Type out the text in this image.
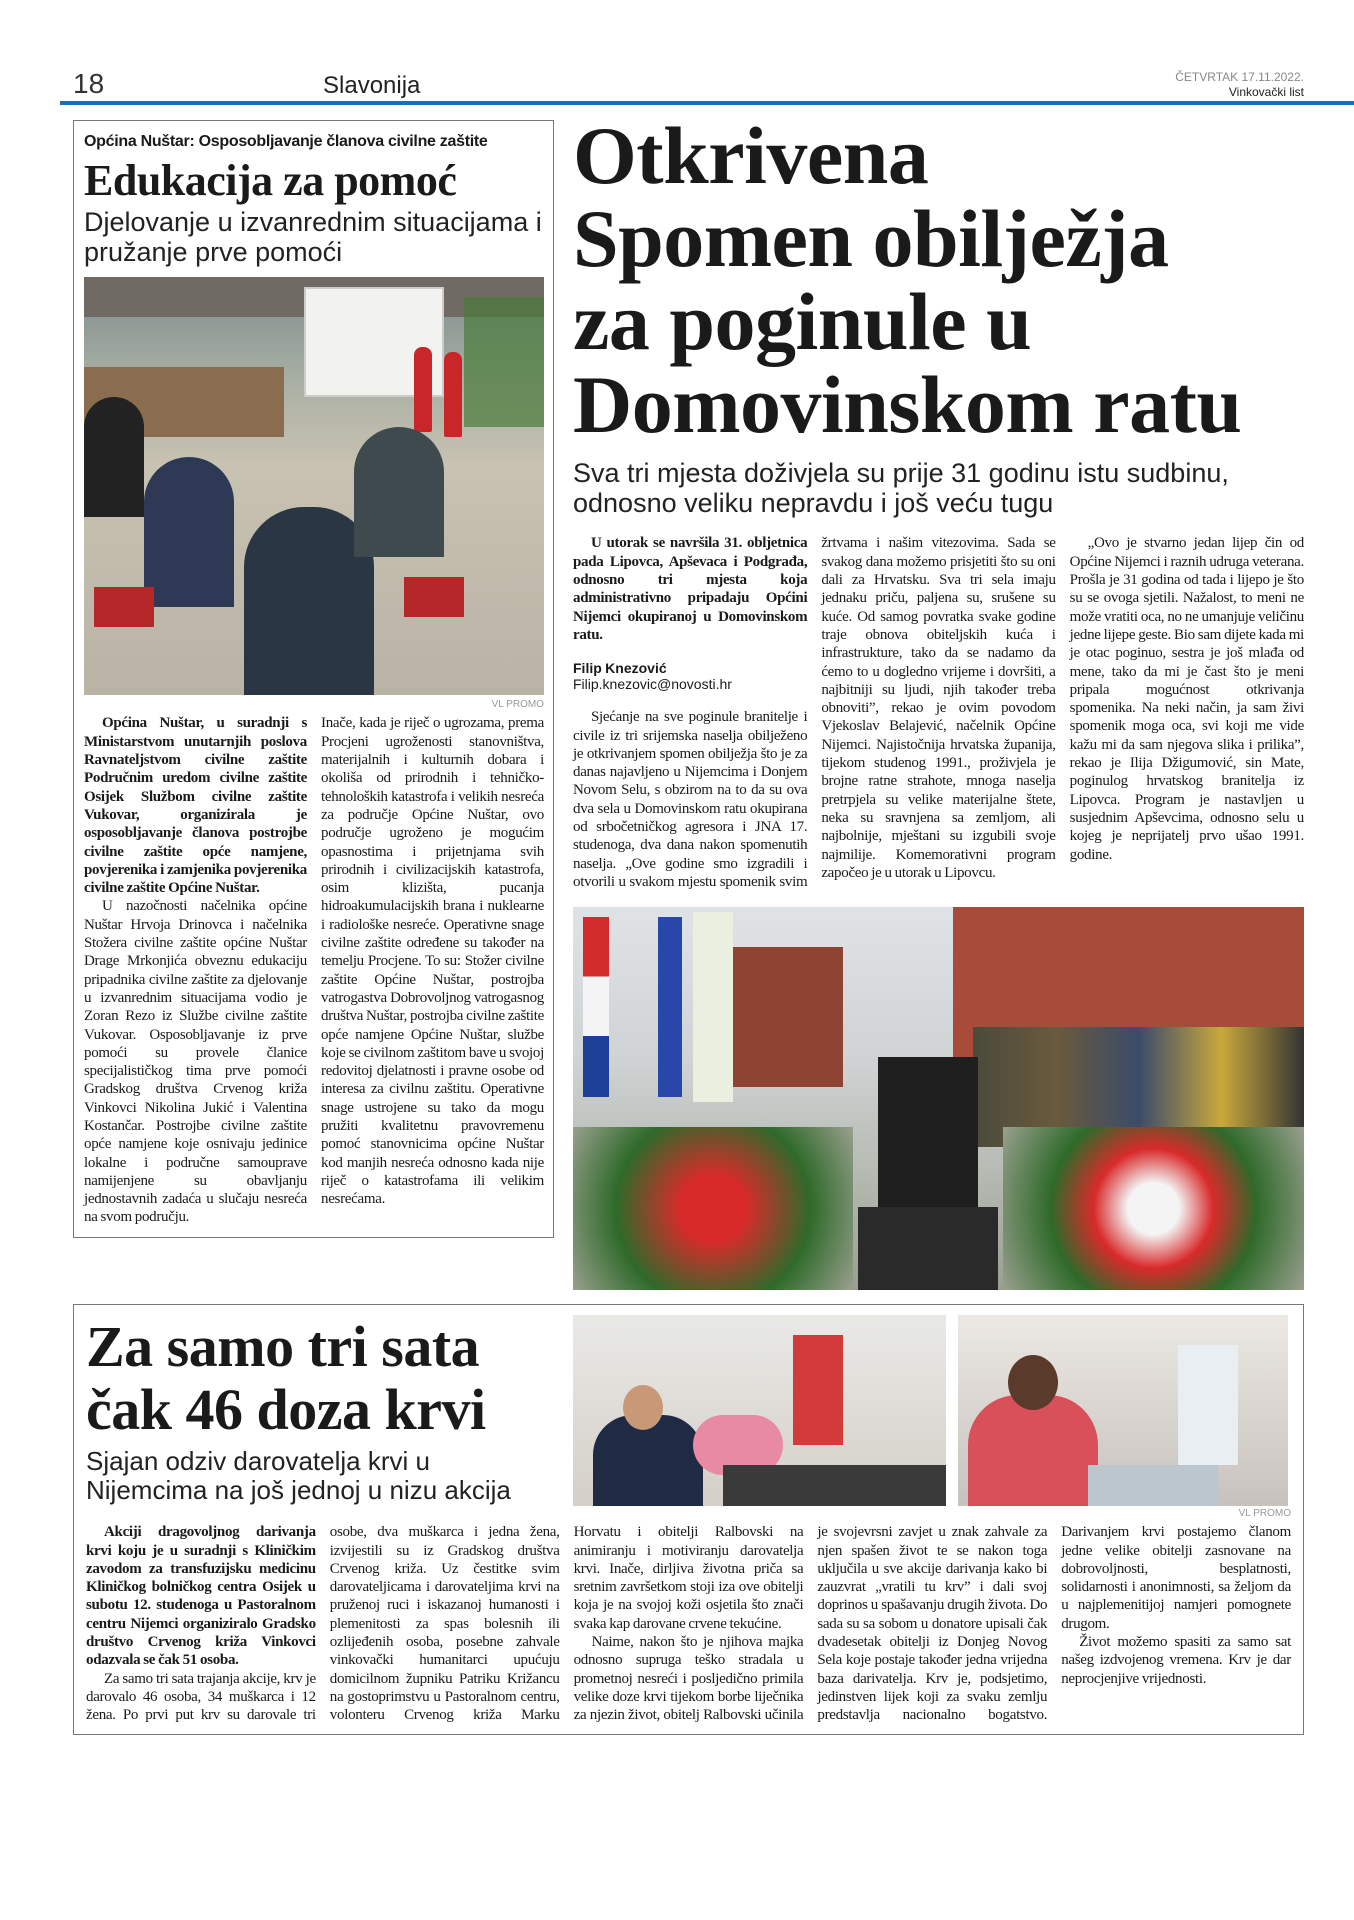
18	Slavonija	ČETVRTAK 17.11.2022.
Vinkovački list
Općina Nuštar: Osposobljavanje članova civilne zaštite
Edukacija za pomoć
Djelovanje u izvanrednim situacijama i pružanje prve pomoći
VL PROMO

Općina Nuštar, u suradnji s Ministarstvom unutarnjih poslova Ravnateljstvom civilne zaštite Područnim uredom civilne zaštite Osijek Službom civilne zaštite Vukovar, organizirala je osposobljavanje članova postrojbe civilne zaštite opće namjene, povjerenika i zamjenika povjerenika civilne zaštite Općine Nuštar.

U nazočnosti načelnika općine Nuštar Hrvoja Drinovca i načelnika Stožera civilne zaštite općine Nuštar Drage Mrkonjića obveznu edukaciju pripadnika civilne zaštite za djelovanje u izvanrednim situacijama vodio je Zoran Rezo iz Službe civilne zaštite Vukovar. Osposobljavanje iz prve pomoći su provele članice specijalističkog tima prve pomoći Gradskog društva Crvenog križa Vinkovci Nikolina Jukić i Valentina Kostančar. Postrojbe civilne zaštite opće namjene koje osnivaju jedinice lokalne i područne samouprave namijenjene su obavljanju jednostavnih zadaća u slučaju nesreća na svom području.

Inače, kada je riječ o ugrozama, prema Procjeni ugroženosti stanovništva, materijalnih i kulturnih dobara i okoliša od prirodnih i tehničko-tehnoloških katastrofa i velikih nesreća za područje Općine Nuštar, ovo područje ugroženo je mogućim opasnostima i prijetnjama svih prirodnih i civilizacijskih katastrofa, osim klizišta, pucanja hidroakumulacijskih brana i nuklearne i radiološke nesreće. Operativne snage civilne zaštite određene su također na temelju Procjene. To su: Stožer civilne zaštite Općine Nuštar, postrojba vatrogastva Dobrovoljnog vatrogasnog društva Nuštar, postrojba civilne zaštite opće namjene Općine Nuštar, službe koje se civilnom zaštitom bave u svojoj redovitoj djelatnosti i pravne osobe od interesa za civilnu zaštitu. Operativne snage ustrojene su tako da mogu pružiti kvalitetnu pravovremenu pomoć stanovnicima općine Nuštar kod manjih nesreća odnosno kada nije riječ o katastrofama ili velikim nesrećama.

Otkrivena
Spomen obilježja
za poginule u
Domovinskom ratu
Sva tri mjesta doživjela su prije 31 godinu istu sudbinu, odnosno veliku nepravdu i još veću tugu

U utorak se navršila 31. obljetnica pada Lipovca, Apševaca i Podgrađa, odnosno tri mjesta koja administrativno pripadaju Općini Nijemci okupiranoj u Domovinskom ratu.

Filip Knezović
Filip.knezovic@novosti.hr

Sjećanje na sve poginule branitelje i civile iz tri srijemska naselja obilježeno je otkrivanjem spomen obilježja što je za danas najavljeno u Nijemcima i Donjem Novom Selu, s obzirom na to da su ova dva sela u Domovinskom ratu okupirana od srbočetničkog agresora i JNA 17. studenoga, dva dana nakon spomenutih naselja. „Ove godine smo izgradili i otvorili u svakom mjestu spomenik svim žrtvama i našim vitezovima. Sada se svakog dana možemo prisjetiti što su oni dali za Hrvatsku. Sva tri sela imaju jednaku priču, paljena su, srušene su kuće. Od samog povratka svake godine traje obnova obiteljskih kuća i infrastrukture, tako da se nadamo da ćemo to u dogledno vrijeme i dovršiti, a najbitniji su ljudi, njih također treba obnoviti”, rekao je ovim povodom Vjekoslav Belajević, načelnik Općine Nijemci. Najistočnija hrvatska županija, tijekom studenog 1991., proživjela je brojne ratne strahote, mnoga naselja pretrpjela su velike materijalne štete, neka su sravnjena sa zemljom, ali najbolnije, mještani su izgubili svoje najmilije. Komemorativni program započeo je u utorak u Lipovcu.

„Ovo je stvarno jedan lijep čin od Općine Nijemci i raznih udruga veterana. Prošla je 31 godina od tada i lijepo je što su se ovoga sjetili. Nažalost, to meni ne može vratiti oca, no ne umanjuje veličinu jedne lijepe geste. Bio sam dijete kada mi je otac poginuo, sestra je još mlađa od mene, tako da mi je čast što je meni pripala mogućnost otkrivanja spomenika. Na neki način, ja sam živi spomenik moga oca, svi koji me vide kažu mi da sam njegova slika i prilika”, rekao je Ilija Džigumović, sin Mate, poginulog hrvatskog branitelja iz Lipovca. Program je nastavljen u susjednim Apševcima, odnosno selu u kojeg je neprijatelj prvo ušao 1991. godine.

Za samo tri sata
čak 46 doza krvi
Sjajan odziv darovatelja krvi u Nijemcima na još jednoj u nizu akcija
VL PROMO

Akciji dragovoljnog darivanja krvi koju je u suradnji s Kliničkim zavodom za transfuzijsku medicinu Kliničkog bolničkog centra Osijek u subotu 12. studenoga u Pastoralnom centru Nijemci organiziralo Gradsko društvo Crvenog križa Vinkovci odazvala se čak 51 osoba.

Za samo tri sata trajanja akcije, krv je darovalo 46 osoba, 34 muškarca i 12 žena. Po prvi put krv su darovale tri osobe, dva muškarca i jedna žena, izvijestili su iz Gradskog društva Crvenog križa. Uz čestitke svim darovateljicama i darovateljima krvi na pruženoj ruci i iskazanoj humanosti i plemenitosti za spas bolesnih ili ozlijeđenih osoba, posebne zahvale vinkovački humanitarci upućuju domicilnom župniku Patriku Križancu na gostoprimstvu u Pastoralnom centru, volonteru Crvenog križa Marku Horvatu i obitelji Ralbovski na animiranju i motiviranju darovatelja krvi. Inače, dirljiva životna priča sa sretnim završetkom stoji iza ove obitelji koja je na svojoj koži osjetila što znači svaka kap darovane crvene tekućine.

Naime, nakon što je njihova majka odnosno supruga teško stradala u prometnoj nesreći i posljedično primila velike doze krvi tijekom borbe liječnika za njezin život, obitelj Ralbovski učinila je svojevrsni zavjet u znak zahvale za njen spašen život te se nakon toga uključila u sve akcije darivanja kako bi zauzvrat „vratili tu krv” i dali svoj doprinos u spašavanju drugih života. Do sada su sa sobom u donatore upisali čak dvadesetak obitelji iz Donjeg Novog Sela koje postaje također jedna vrijedna baza darivatelja. Krv je, podsjetimo, jedinstven lijek koji za svaku zemlju predstavlja nacionalno bogatstvo. Darivanjem krvi postajemo članom jedne velike obitelji zasnovane na dobrovoljnosti, besplatnosti, solidarnosti i anonimnosti, sa željom da u najplemenitijoj namjeri pomognete drugom.

Život možemo spasiti za samo sat našeg izdvojenog vremena. Krv je dar neprocjenjive vrijednosti.
